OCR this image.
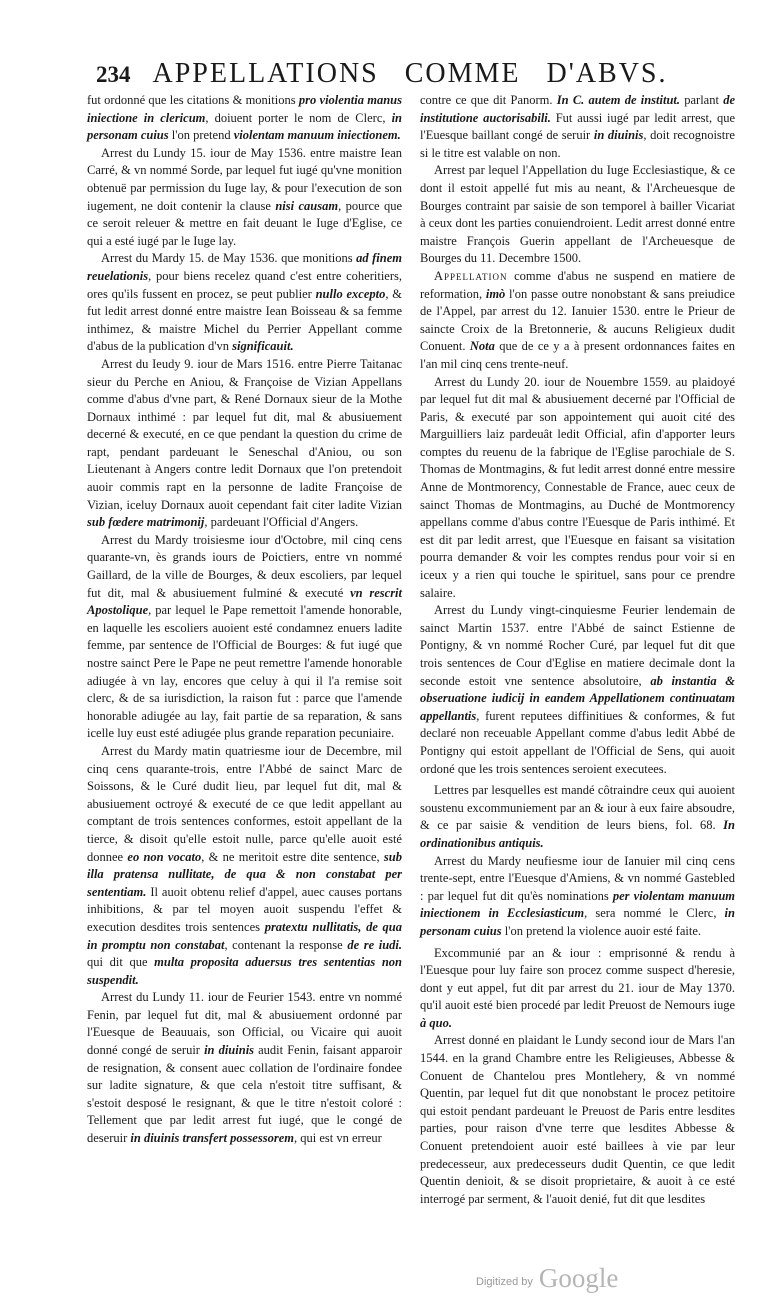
234 APPELLATIONS COMME D'ABVS.

fut ordonné que les citations & monitions pro violentia manus iniectione in clericum, doiuent porter le nom de Clerc, in personam cuius l'on pretend violentam manuum iniectionem.

Arrest du Lundy 15. iour de May 1536. entre maistre Iean Carré, & vn nommé Sorde, par lequel fut iugé qu'vne monition obtenuë par permission du Iuge lay, & pour l'execution de son iugement, ne doit contenir la clause nisi causam, pource que ce seroit releuer & mettre en fait deuant le Iuge d'Eglise, ce qui a esté iugé par le Iuge lay.

Arrest du Mardy 15. de May 1536. que monitions ad finem reuelationis, pour biens recelez quand c'est entre coheritiers, ores qu'ils fussent en procez, se peut publier nullo excepto, & fut ledit arrest donné entre maistre Iean Boisseau & sa femme inthimez, & maistre Michel du Perrier Appellant comme d'abus de la publication d'vn significauit.

Arrest du Ieudy 9. iour de Mars 1516. entre Pierre Taitanac sieur du Perche en Aniou, & Françoise de Vizian Appellans comme d'abus d'vne part, & René Dornaux sieur de la Mothe Dornaux inthimé : par lequel fut dit, mal & abusiuement decerné & executé, en ce que pendant la question du crime de rapt, pendant pardeuant le Seneschal d'Aniou, ou son Lieutenant à Angers contre ledit Dornaux que l'on pretendoit auoir commis rapt en la personne de ladite Françoise de Vizian, iceluy Dornaux auoit cependant fait citer ladite Vizian sub fœdere matrimonij, pardeuant l'Official d'Angers.

Arrest du Mardy troisiesme iour d'Octobre, mil cinq cens quarante-vn, ès grands iours de Poictiers, entre vn nommé Gaillard, de la ville de Bourges, & deux escoliers, par lequel fut dit, mal & abusiuement fulminé & executé vn rescrit Apostolique, par lequel le Pape remettoit l'amende honorable, en laquelle les escoliers auoient esté condamnez enuers ladite femme, par sentence de l'Official de Bourges: & fut iugé que nostre sainct Pere le Pape ne peut remettre l'amende honorable adiugée à vn lay, encores que celuy à qui il l'a remise soit clerc, & de sa iurisdiction, la raison fut : parce que l'amende honorable adiugée au lay, fait partie de sa reparation, & sans icelle luy eust esté adiugée plus grande reparation pecuniaire.

Arrest du Mardy matin quatriesme iour de Decembre, mil cinq cens quarante-trois, entre l'Abbé de sainct Marc de Soissons, & le Curé dudit lieu, par lequel fut dit, mal & abusiuement octroyé & executé de ce que ledit appellant au comptant de trois sentences conformes, estoit appellant de la tierce, & disoit qu'elle estoit nulle, parce qu'elle auoit esté donnee eo non vocato, & ne meritoit estre dite sentence, sub illa pratensa nullitate, de qua & non constabat per sententiam. Il auoit obtenu relief d'appel, auec causes portans inhibitions, & par tel moyen auoit suspendu l'effet & execution desdites trois sentences pratextu nullitatis, de qua in promptu non constabat, contenant la response de re iudi. qui dit que multa proposita aduersus tres sententias non suspendit.

Arrest du Lundy 11. iour de Feurier 1543. entre vn nommé Fenin, par lequel fut dit, mal & abusiuement ordonné par l'Euesque de Beauuais, son Official, ou Vicaire qui auoit donné congé de seruir in diuinis audit Fenin, faisant apparoir de resignation, & consent auec collation de l'ordinaire fondee sur ladite signature, & que cela n'estoit titre suffisant, & s'estoit desposé le resignant, & que le titre n'estoit coloré : Tellement que par ledit arrest fut iugé, que le congé de deseruir in diuinis transfert possessorem, qui est vn erreur

contre ce que dit Panorm. In C. autem de institut. parlant de institutione auctorisabili. Fut aussi iugé par ledit arrest, que l'Euesque baillant congé de seruir in diuinis, doit recognoistre si le titre est valable on non.

Arrest par lequel l'Appellation du Iuge Ecclesiastique, & ce dont il estoit appellé fut mis au neant, & l'Archeuesque de Bourges contraint par saisie de son temporel à bailler Vicariat à ceux dont les parties conuiendroient. Ledit arrest donné entre maistre François Guerin appellant de l'Archeuesque de Bourges du 11. Decembre 1500.

Appellation comme d'abus ne suspend en matiere de reformation, imò l'on passe outre nonobstant & sans preiudice de l'Appel, par arrest du 12. Ianuier 1530. entre le Prieur de saincte Croix de la Bretonnerie, & aucuns Religieux dudit Conuent. Nota que de ce y a à present ordonnances faites en l'an mil cinq cens trente-neuf.

Arrest du Lundy 20. iour de Nouembre 1559. au plaidoyé par lequel fut dit mal & abusiuement decerné par l'Official de Paris, & executé par son appointement qui auoit cité des Marguilliers laiz pardeuât ledit Official, afin d'apporter leurs comptes du reuenu de la fabrique de l'Eglise parochiale de S. Thomas de Montmagins, & fut ledit arrest donné entre messire Anne de Montmorency, Connestable de France, auec ceux de sainct Thomas de Montmagins, au Duché de Montmorency appellans comme d'abus contre l'Euesque de Paris inthimé. Et est dit par ledit arrest, que l'Euesque en faisant sa visitation pourra demander & voir les comptes rendus pour voir si en iceux y a rien qui touche le spirituel, sans pour ce prendre salaire.

Arrest du Lundy vingt-cinquiesme Feurier lendemain de sainct Martin 1537. entre l'Abbé de sainct Estienne de Pontigny, & vn nommé Rocher Curé, par lequel fut dit que trois sentences de Cour d'Eglise en matiere decimale dont la seconde estoit vne sentence absolutoire, ab instantia & obseruatione iudicij in eandem Appellationem continuatam appellantis, furent reputees diffinitiues & conformes, & fut declaré non receuable Appellant comme d'abus ledit Abbé de Pontigny qui estoit appellant de l'Official de Sens, qui auoit ordoné que les trois sentences seroient executees.

Lettres par lesquelles est mandé côtraindre ceux qui auoient soustenu excommuniement par an & iour à eux faire absoudre, & ce par saisie & vendition de leurs biens, fol. 68. In ordinationibus antiquis.

Arrest du Mardy neufiesme iour de Ianuier mil cinq cens trente-sept, entre l'Euesque d'Amiens, & vn nommé Gastebled : par lequel fut dit qu'ès nominations per violentam manuum iniectionem in Ecclesiasticum, sera nommé le Clerc, in personam cuius l'on pretend la violence auoir esté faite.

Excommunié par an & iour : emprisonné & rendu à l'Euesque pour luy faire son procez comme suspect d'heresie, dont y eut appel, fut dit par arrest du 21. iour de May 1370. qu'il auoit esté bien procedé par ledit Preuost de Nemours iuge à quo.

Arrest donné en plaidant le Lundy second iour de Mars l'an 1544. en la grand Chambre entre les Religieuses, Abbesse & Conuent de Chantelou pres Montlehery, & vn nommé Quentin, par lequel fut dit que nonobstant le procez petitoire qui estoit pendant pardeuant le Preuost de Paris entre lesdites parties, pour raison d'vne terre que lesdites Abbesse & Conuent pretendoient auoir esté baillees à vie par leur predecesseur, aux predecesseurs dudit Quentin, ce que ledit Quentin denioit, & se disoit proprietaire, & auoit à ce esté interrogé par serment, & l'auoit denié, fut dit que lesdites

Digitized by Google
